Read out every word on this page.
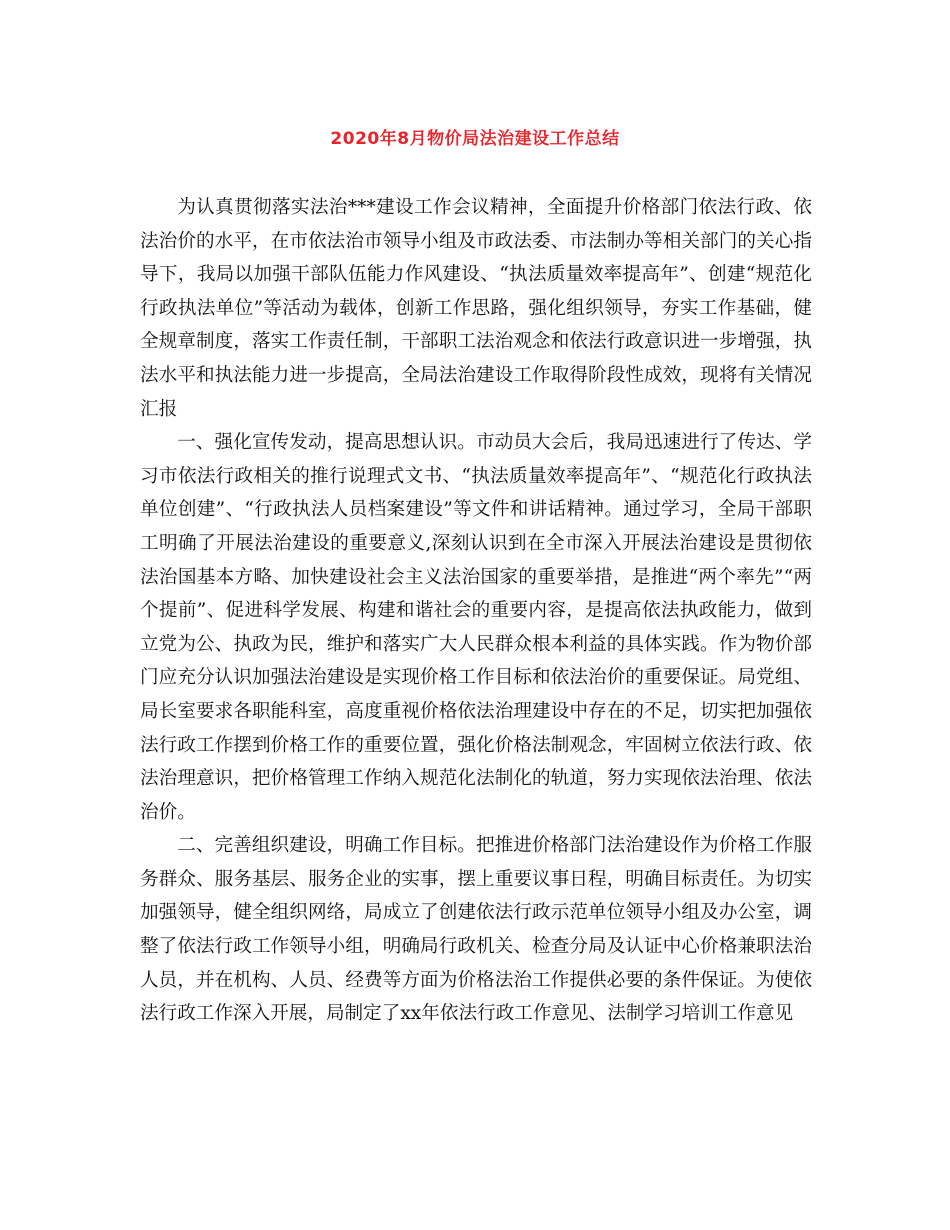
2020年8月物价局法治建设工作总结

为认真贯彻落实法治***建设工作会议精神，全面提升价格部门依法行政、依法治价的水平，在市依法治市领导小组及市政法委、市法制办等相关部门的关心指导下，我局以加强干部队伍能力作风建设、“执法质量效率提高年”、创建“规范化行政执法单位”等活动为载体，创新工作思路，强化组织领导，夯实工作基础，健全规章制度，落实工作责任制，干部职工法治观念和依法行政意识进一步增强，执法水平和执法能力进一步提高，全局法治建设工作取得阶段性成效，现将有关情况汇报

一、强化宣传发动，提高思想认识。市动员大会后，我局迅速进行了传达、学习市依法行政相关的推行说理式文书、“执法质量效率提高年”、“规范化行政执法单位创建”、“行政执法人员档案建设”等文件和讲话精神。通过学习，全局干部职工明确了开展法治建设的重要意义,深刻认识到在全市深入开展法治建设是贯彻依法治国基本方略、加快建设社会主义法治国家的重要举措，是推进“两个率先”“两个提前”、促进科学发展、构建和谐社会的重要内容，是提高依法执政能力，做到立党为公、执政为民，维护和落实广大人民群众根本利益的具体实践。作为物价部门应充分认识加强法治建设是实现价格工作目标和依法治价的重要保证。局党组、局长室要求各职能科室，高度重视价格依法治理建设中存在的不足，切实把加强依法行政工作摆到价格工作的重要位置，强化价格法制观念，牢固树立依法行政、依法治理意识，把价格管理工作纳入规范化法制化的轨道，努力实现依法治理、依法治价。

二、完善组织建设，明确工作目标。把推进价格部门法治建设作为价格工作服务群众、服务基层、服务企业的实事，摆上重要议事日程，明确目标责任。为切实加强领导，健全组织网络，局成立了创建依法行政示范单位领导小组及办公室，调整了依法行政工作领导小组，明确局行政机关、检查分局及认证中心价格兼职法治人员，并在机构、人员、经费等方面为价格法治工作提供必要的条件保证。为使依法行政工作深入开展，局制定了xx年依法行政工作意见、法制学习培训工作意见
